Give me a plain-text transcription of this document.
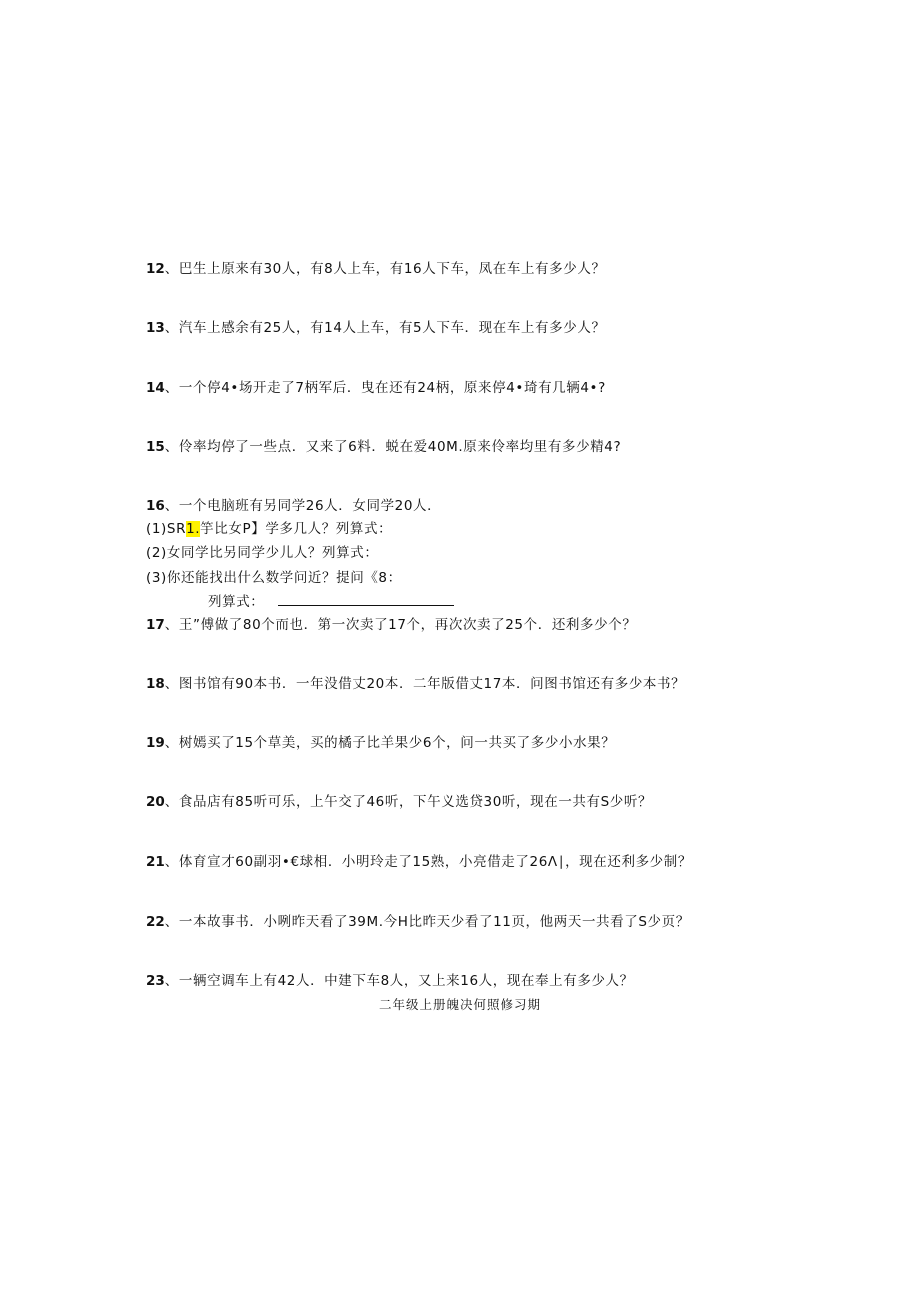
12、巴生上原来有30人，有8人上车，有16人下车，凤在车上有多少人？
13、汽车上感余有25人，有14人上车，有5人下车．现在车上有多少人？
14、一个停4•场开走了7柄军后．曳在还有24柄，原来停4•琦有几辆4•?
15、伶率均停了一些点．又来了6料．蜕在爱40M.原来伶率均里有多少精4?
16、一个电脑班有另同学26人．女同学20人．
(1)SR1.竽比女P】学多几人？列算式：
(2)女同学比另同学少儿人？列算式：
(3)你还能找出什么数学问近？提问《8：
列算式：
17、王”傅做了80个而也．第一次卖了17个，再次次卖了25个．还利多少个？
18、图书馆有90本书．一年没借丈20本．二年版借丈17本．问图书馆还有多少本书？
19、树嫣买了15个草美，买的橘子比羊果少6个，问一共买了多少小水果？
20、食品店有85听可乐，上午交了46听，下午义选贷30听，现在一共有S少听？
21、体育宣才60副羽•€球相．小明玲走了15熟，小亮借走了26Λ∣，现在还利多少制？
22、一本故事书．小咧昨天看了39M.今H比昨天少看了11页，他两天一共看了S少页？
23、一辆空调车上有42人．中建下车8人，又上来16人，现在奉上有多少人？
二年级上册魄决何照修习期
